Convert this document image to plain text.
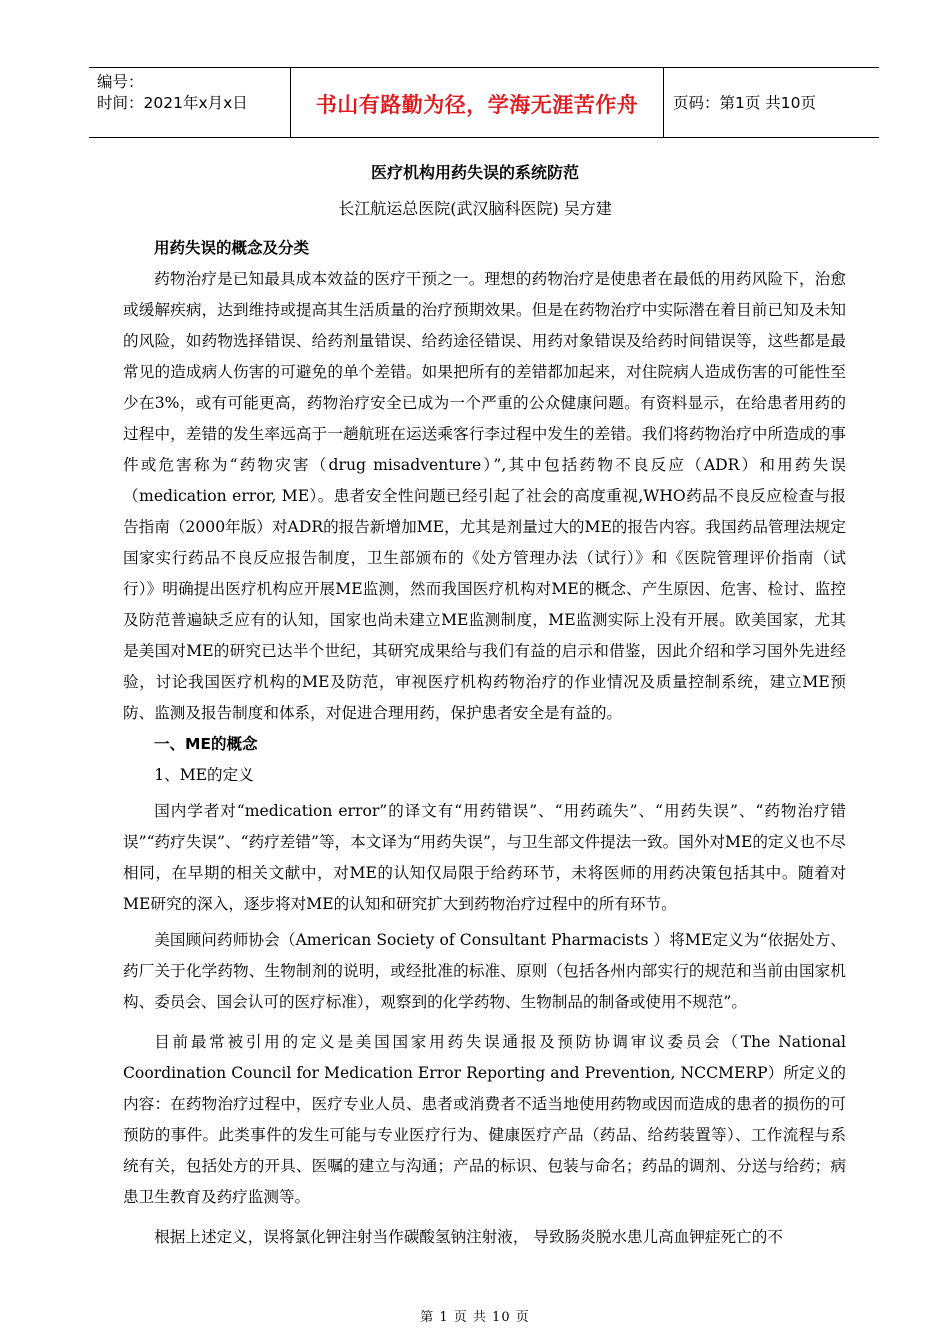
编号：
时间：2021年x月x日	书山有路勤为径，学海无涯苦作舟	页码：第1页 共10页
医疗机构用药失误的系统防范
长江航运总医院(武汉脑科医院) 吴方建

用药失误的概念及分类

药物治疗是已知最具成本效益的医疗干预之一。理想的药物治疗是使患者在最低的用药风险下，治愈或缓解疾病，达到维持或提高其生活质量的治疗预期效果。但是在药物治疗中实际潜在着目前已知及未知的风险，如药物选择错误、给药剂量错误、给药途径错误、用药对象错误及给药时间错误等，这些都是最常见的造成病人伤害的可避免的单个差错。如果把所有的差错都加起来，对住院病人造成伤害的可能性至少在3%，或有可能更高，药物治疗安全已成为一个严重的公众健康问题。有资料显示，在给患者用药的过程中，差错的发生率远高于一趟航班在运送乘客行李过程中发生的差错。我们将药物治疗中所造成的事件或危害称为“药物灾害（drug misadventure）”,其中包括药物不良反应（ADR）和用药失误（medication error, ME）。患者安全性问题已经引起了社会的高度重视,WHO药品不良反应检查与报告指南（2000年版）对ADR的报告新增加ME，尤其是剂量过大的ME的报告内容。我国药品管理法规定国家实行药品不良反应报告制度，卫生部颁布的《处方管理办法（试行）》和《医院管理评价指南（试行）》明确提出医疗机构应开展ME监测，然而我国医疗机构对ME的概念、产生原因、危害、检讨、监控及防范普遍缺乏应有的认知，国家也尚未建立ME监测制度，ME监测实际上没有开展。欧美国家，尤其是美国对ME的研究已达半个世纪，其研究成果给与我们有益的启示和借鉴，因此介绍和学习国外先进经验，讨论我国医疗机构的ME及防范，审视医疗机构药物治疗的作业情况及质量控制系统，建立ME预防、监测及报告制度和体系，对促进合理用药，保护患者安全是有益的。

一、ME的概念

1、ME的定义

国内学者对“medication error”的译文有“用药错误”、“用药疏失”、“用药失误”、“药物治疗错误”“药疗失误”、“药疗差错”等，本文译为“用药失误”，与卫生部文件提法一致。国外对ME的定义也不尽相同，在早期的相关文献中，对ME的认知仅局限于给药环节，未将医师的用药决策包括其中。随着对ME研究的深入，逐步将对ME的认知和研究扩大到药物治疗过程中的所有环节。

美国顾问药师协会（American Society of Consultant Pharmacists ）将ME定义为“依据处方、药厂关于化学药物、生物制剂的说明，或经批准的标准、原则（包括各州内部实行的规范和当前由国家机构、委员会、国会认可的医疗标准），观察到的化学药物、生物制品的制备或使用不规范”。

目前最常被引用的定义是美国国家用药失误通报及预防协调审议委员会（The National Coordination Council for Medication Error Reporting and Prevention, NCCMERP）所定义的内容：在药物治疗过程中，医疗专业人员、患者或消费者不适当地使用药物或因而造成的患者的损伤的可预防的事件。此类事件的发生可能与专业医疗行为、健康医疗产品（药品、给药装置等）、工作流程与系统有关，包括处方的开具、医嘱的建立与沟通；产品的标识、包装与命名；药品的调剂、分送与给药；病患卫生教育及药疗监测等。

根据上述定义，误将氯化钾注射当作碳酸氢钠注射液， 导致肠炎脱水患儿高血钾症死亡的不

第 1 页 共 10 页
